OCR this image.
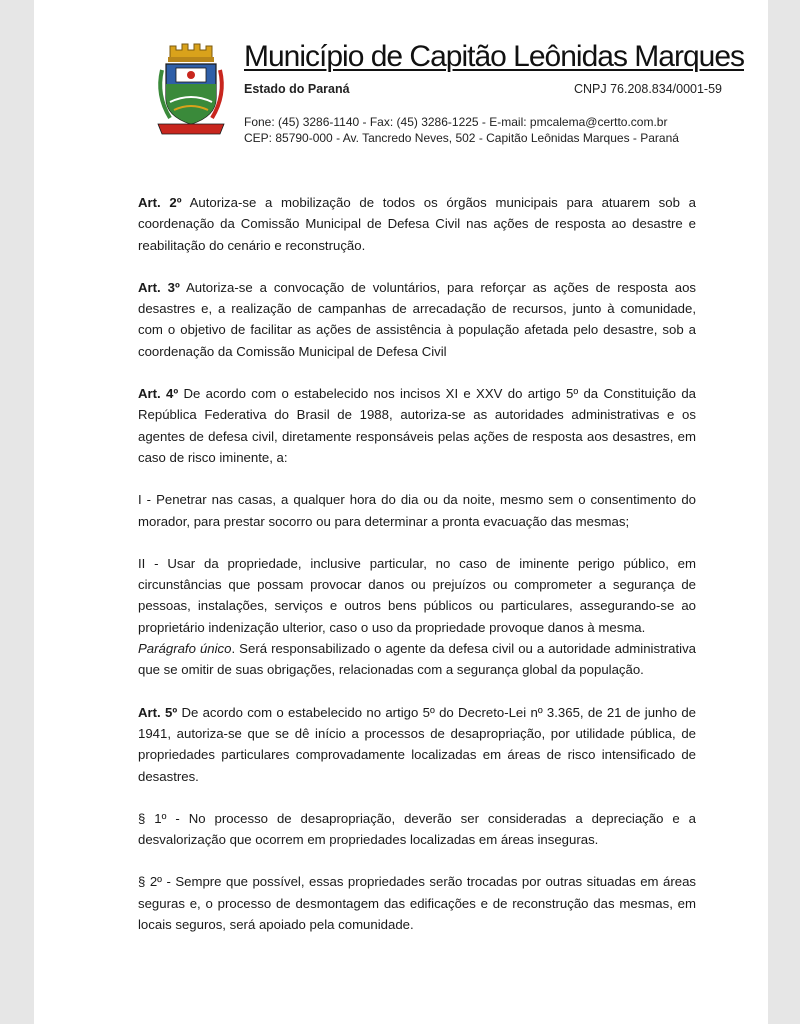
Município de Capitão Leônidas Marques
Estado do Paraná	CNPJ 76.208.834/0001-59
Fone: (45) 3286-1140 - Fax: (45) 3286-1225 - E-mail: pmcalema@certto.com.br
CEP: 85790-000 - Av. Tancredo Neves, 502 - Capitão Leônidas Marques - Paraná

Art. 2º Autoriza-se a mobilização de todos os órgãos municipais para atuarem sob a coordenação da Comissão Municipal de Defesa Civil nas ações de resposta ao desastre e reabilitação do cenário e reconstrução.

Art. 3º Autoriza-se a convocação de voluntários, para reforçar as ações de resposta aos desastres e, a realização de campanhas de arrecadação de recursos, junto à comunidade, com o objetivo de facilitar as ações de assistência à população afetada pelo desastre, sob a coordenação da Comissão Municipal de Defesa Civil

Art. 4º De acordo com o estabelecido nos incisos XI e XXV do artigo 5º da Constituição da República Federativa do Brasil de 1988, autoriza-se as autoridades administrativas e os agentes de defesa civil, diretamente responsáveis pelas ações de resposta aos desastres, em caso de risco iminente, a:

I - Penetrar nas casas, a qualquer hora do dia ou da noite, mesmo sem o consentimento do morador, para prestar socorro ou para determinar a pronta evacuação das mesmas;

II - Usar da propriedade, inclusive particular, no caso de iminente perigo público, em circunstâncias que possam provocar danos ou prejuízos ou comprometer a segurança de pessoas, instalações, serviços e outros bens públicos ou particulares, assegurando-se ao proprietário indenização ulterior, caso o uso da propriedade provoque danos à mesma.

Parágrafo único. Será responsabilizado o agente da defesa civil ou a autoridade administrativa que se omitir de suas obrigações, relacionadas com a segurança global da população.

Art. 5º De acordo com o estabelecido no artigo 5º do Decreto-Lei nº 3.365, de 21 de junho de 1941, autoriza-se que se dê início a processos de desapropriação, por utilidade pública, de propriedades particulares comprovadamente localizadas em áreas de risco intensificado de desastres.

§ 1º - No processo de desapropriação, deverão ser consideradas a depreciação e a desvalorização que ocorrem em propriedades localizadas em áreas inseguras.

§ 2º - Sempre que possível, essas propriedades serão trocadas por outras situadas em áreas seguras e, o processo de desmontagem das edificações e de reconstrução das mesmas, em locais seguros, será apoiado pela comunidade.
